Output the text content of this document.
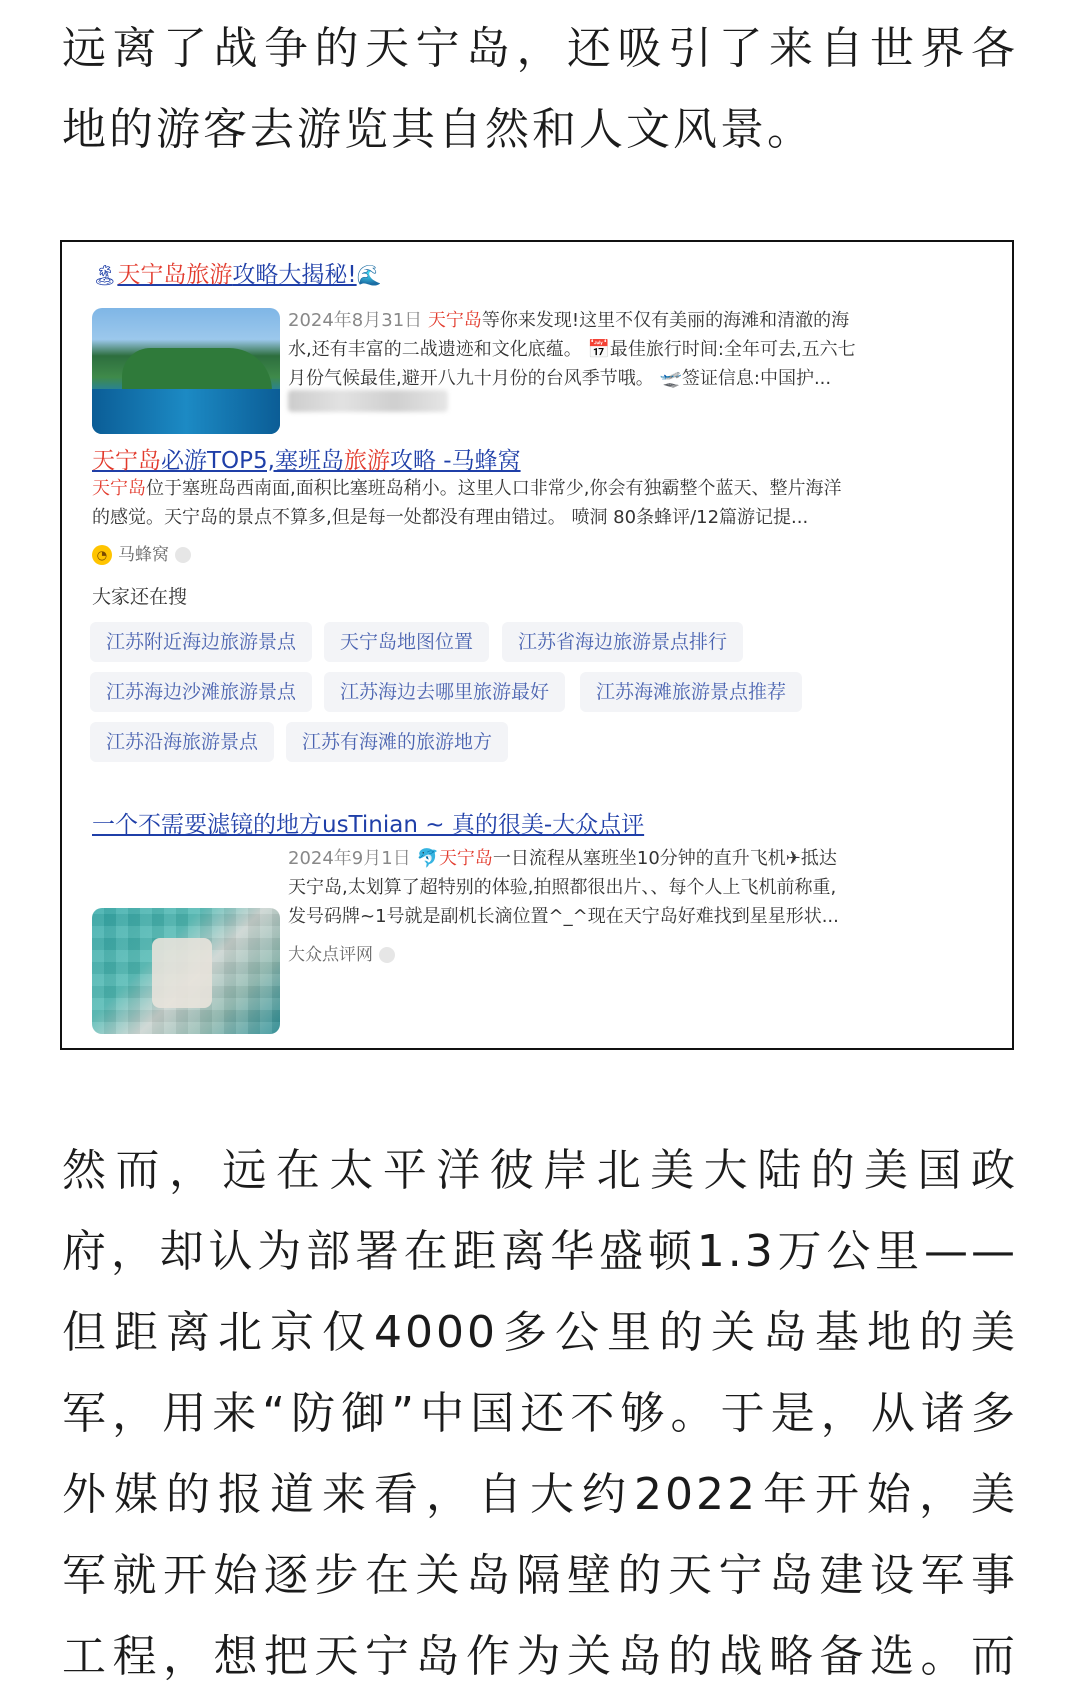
远离了战争的天宁岛，还吸引了来自世界各
地的游客去游览其自然和人文风景。
🏝天宁岛旅游攻略大揭秘!🌊
2024年8月31日 天宁岛等你来发现!这里不仅有美丽的海滩和清澈的海
水,还有丰富的二战遗迹和文化底蕴。 📅最佳旅行时间:全年可去,五六七
月份气候最佳,避开八九十月份的台风季节哦。 🛫签证信息:中国护...
天宁岛必游TOP5,塞班岛旅游攻略 -马蜂窝
天宁岛位于塞班岛西南面,面积比塞班岛稍小。这里人口非常少,你会有独霸整个蓝天、整片海洋
的感觉。天宁岛的景点不算多,但是每一处都没有理由错过。 喷洞 80条蜂评/12篇游记提...
◔ 马蜂窝
大家还在搜
江苏附近海边旅游景点	天宁岛地图位置	江苏省海边旅游景点排行
江苏海边沙滩旅游景点	江苏海边去哪里旅游最好	江苏海滩旅游景点推荐
江苏沿海旅游景点	江苏有海滩的旅游地方
一个不需要滤镜的地方usTinian ~ 真的很美-大众点评
2024年9月1日 🐬天宁岛一日流程从塞班坐10分钟的直升飞机✈抵达
天宁岛,太划算了超特别的体验,拍照都很出片、、每个人上飞机前称重,
发号码牌~1号就是副机长滴位置^_^现在天宁岛好难找到星星形状...
大众点评网
然而，远在太平洋彼岸北美大陆的美国政
府，却认为部署在距离华盛顿1.3万公里——
但距离北京仅4000多公里的关岛基地的美
军，用来“防御”中国还不够。于是，从诸多
外媒的报道来看，自大约2022年开始，美
军就开始逐步在关岛隔壁的天宁岛建设军事
工程，想把天宁岛作为关岛的战略备选。而
